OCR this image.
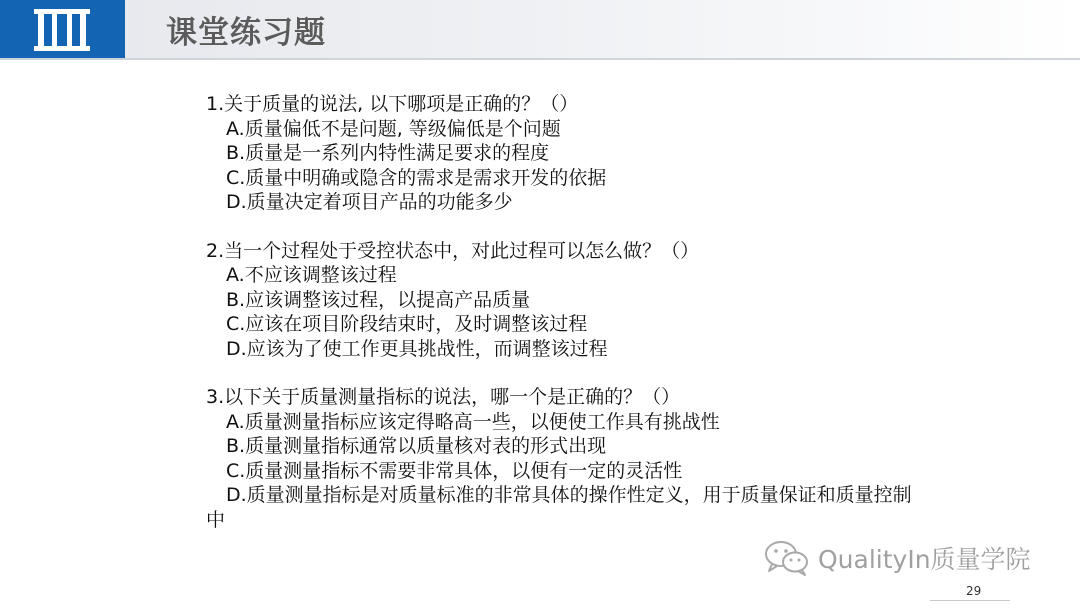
课堂练习题
1.关于质量的说法, 以下哪项是正确的？（）
A.质量偏低不是问题, 等级偏低是个问题
B.质量是一系列内特性满足要求的程度
C.质量中明确或隐含的需求是需求开发的依据
D.质量决定着项目产品的功能多少
2.当一个过程处于受控状态中，对此过程可以怎么做？（）
A.不应该调整该过程
B.应该调整该过程，以提高产品质量
C.应该在项目阶段结束时，及时调整该过程
D.应该为了使工作更具挑战性，而调整该过程
3.以下关于质量测量指标的说法，哪一个是正确的？（）
A.质量测量指标应该定得略高一些，以便使工作具有挑战性
B.质量测量指标通常以质量核对表的形式出现
C.质量测量指标不需要非常具体，以便有一定的灵活性
D.质量测量指标是对质量标准的非常具体的操作性定义，用于质量保证和质量控制中
QualityIn质量学院
29
